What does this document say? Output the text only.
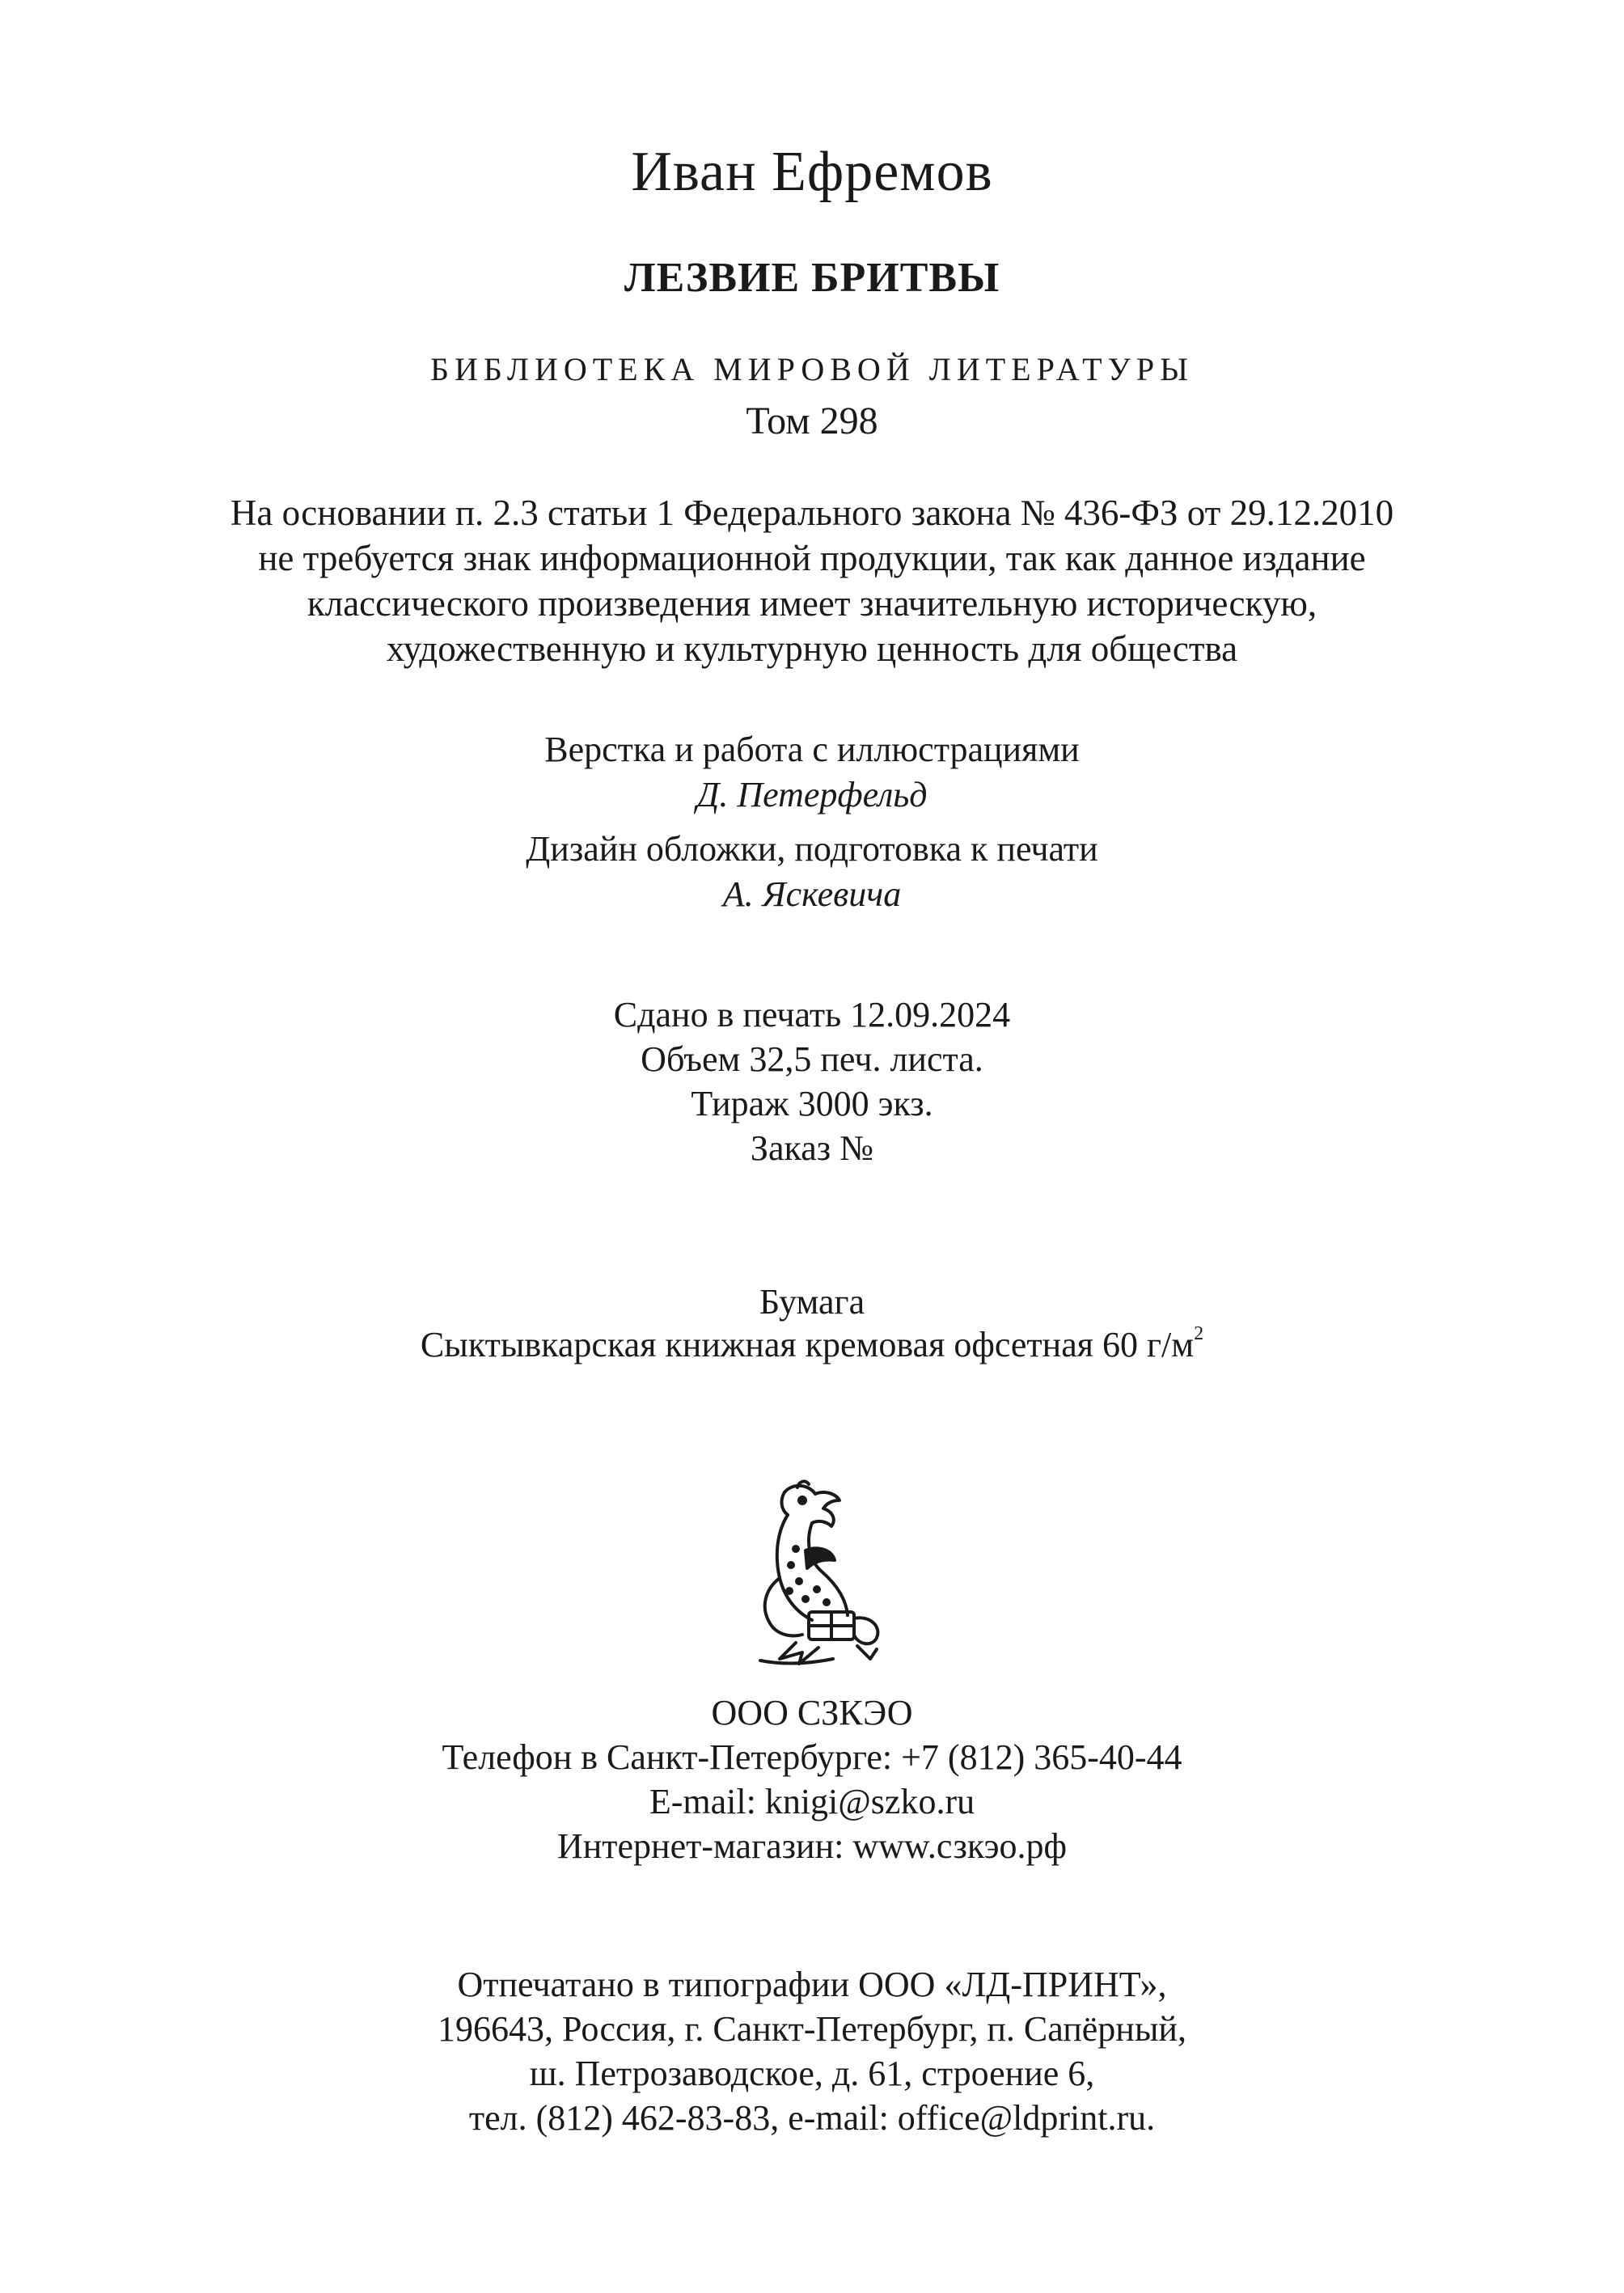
Иван Ефремов
ЛЕЗВИЕ БРИТВЫ
БИБЛИОТЕКА МИРОВОЙ ЛИТЕРАТУРЫ
Том 298
На основании п. 2.3 статьи 1 Федерального закона № 436-ФЗ от 29.12.2010
не требуется знак информационной продукции, так как данное издание
классического произведения имеет значительную историческую,
художественную и культурную ценность для общества
Верстка и работа с иллюстрациями
Д. Петерфельд
Дизайн обложки, подготовка к печати
А. Яскевича
Сдано в печать 12.09.2024
Объем 32,5 печ. листа.
Тираж 3000 экз.
Заказ №
Бумага
Сыктывкарская книжная кремовая офсетная 60 $г/м^2$
ООО СЗКЭО
Телефон в Санкт-Петербурге: +7 (812) 365-40-44
E-mail: knigi@szko.ru
Интернет-магазин: www.сзкэо.рф
Отпечатано в типографии ООО «ЛД-ПРИНТ»,
196643, Россия, г. Санкт-Петербург, п. Сапёрный,
ш. Петрозаводское, д. 61, строение 6,
тел. (812) 462-83-83, e-mail: office@ldprint.ru.
